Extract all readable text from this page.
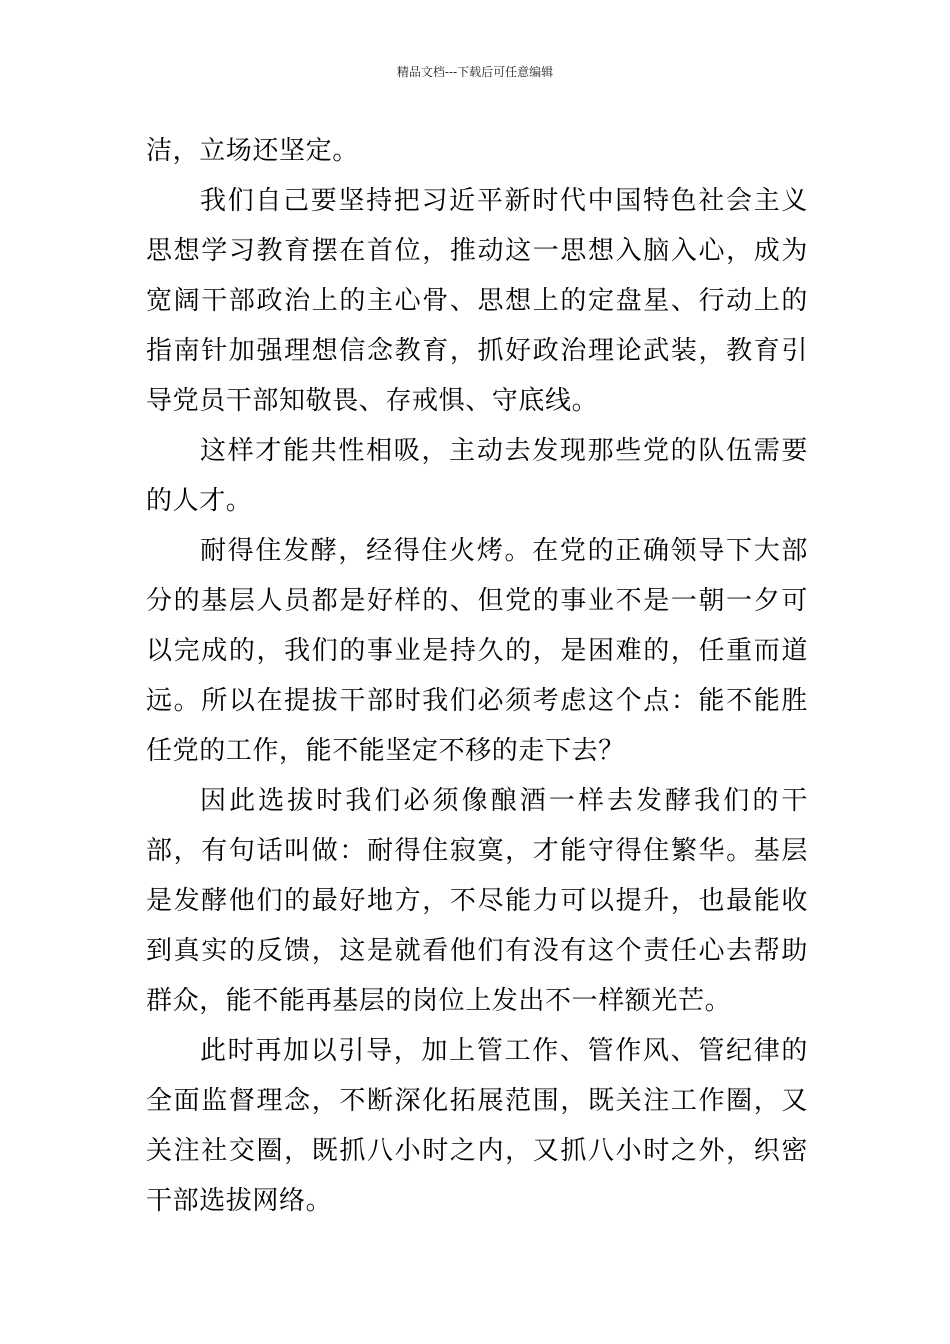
精品文档---下载后可任意编辑

洁，立场还坚定。

我们自己要坚持把习近平新时代中国特色社会主义思想学习教育摆在首位，推动这一思想入脑入心，成为宽阔干部政治上的主心骨、思想上的定盘星、行动上的指南针加强理想信念教育，抓好政治理论武装，教育引导党员干部知敬畏、存戒惧、守底线。

这样才能共性相吸，主动去发现那些党的队伍需要的人才。

耐得住发酵，经得住火烤。在党的正确领导下大部分的基层人员都是好样的、但党的事业不是一朝一夕可以完成的，我们的事业是持久的，是困难的，任重而道远。所以在提拔干部时我们必须考虑这个点：能不能胜任党的工作，能不能坚定不移的走下去？

因此选拔时我们必须像酿酒一样去发酵我们的干部，有句话叫做：耐得住寂寞，才能守得住繁华。基层是发酵他们的最好地方，不尽能力可以提升，也最能收到真实的反馈，这是就看他们有没有这个责任心去帮助群众，能不能再基层的岗位上发出不一样额光芒。

此时再加以引导，加上管工作、管作风、管纪律的全面监督理念，不断深化拓展范围，既关注工作圈，又关注社交圈，既抓八小时之内，又抓八小时之外，织密干部选拔网络。
